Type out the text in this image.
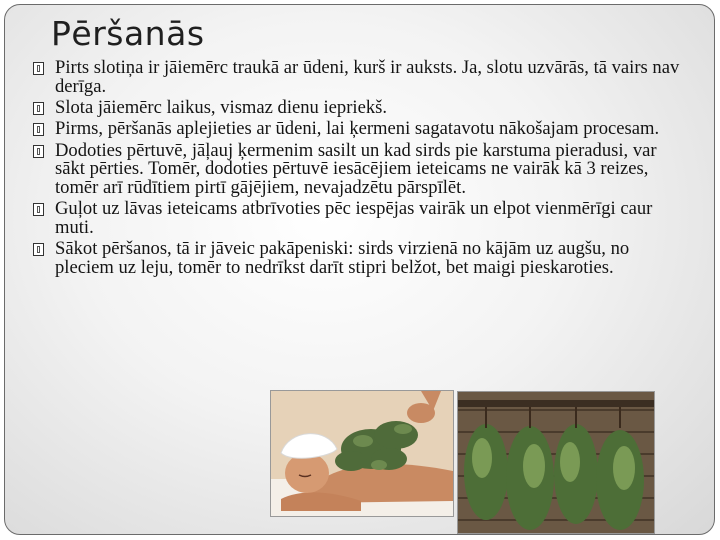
Pēršanās
Pirts slotiņa ir jāiemērc traukā ar ūdeni, kurš ir auksts. Ja, slotu uzvārās, tā vairs nav derīga.
Slota jāiemērc laikus, vismaz dienu iepriekš.
Pirms, pēršanās aplejieties ar ūdeni, lai ķermeni sagatavotu nākošajam procesam.
Dodoties pērtuvē, jāļauj ķermenim sasilt un kad sirds pie karstuma pieradusi, var sākt pērties. Tomēr, dodoties pērtuvē iesācējiem ieteicams ne vairāk kā 3 reizes, tomēr arī rūdītiem pirtī gājējiem, nevajadzētu pārspīlēt.
Guļot uz lāvas ieteicams atbrīvoties pēc iespējas vairāk un elpot vienmērīgi caur muti.
Sākot pēršanos, tā ir jāveic pakāpeniski: sirds virzienā no kājām uz augšu, no pleciem uz leju, tomēr to nedrīkst darīt stipri belžot, bet maigi pieskaroties.
